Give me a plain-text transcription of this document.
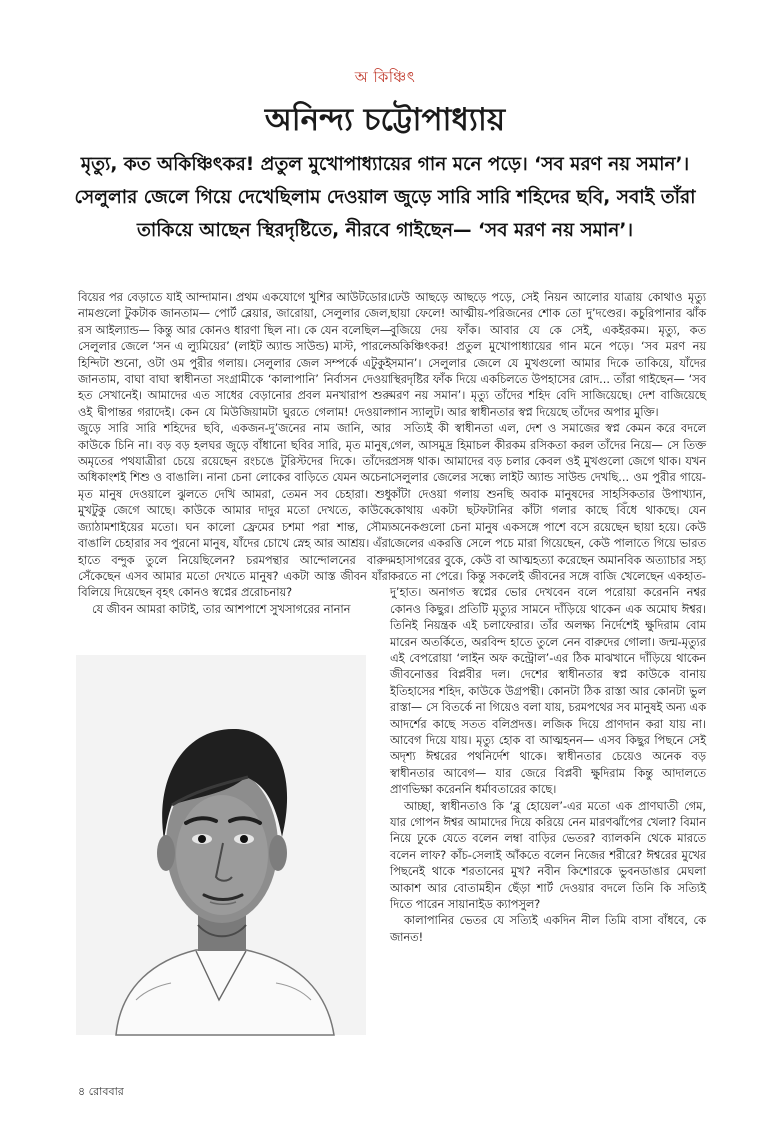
অ কিঞ্চিৎ
অনিন্দ্য চট্টোপাধ্যায়
মৃত্যু, কত অকিঞ্চিৎকর! প্রতুল মুখোপাধ্যায়ের গান মনে পড়ে। ‘সব মরণ নয় সমান’। সেলুলার জেলে গিয়ে দেখেছিলাম দেওয়াল জুড়ে সারি সারি শহিদের ছবি, সবাই তাঁরা তাকিয়ে আছেন স্থিরদৃষ্টিতে, নীরবে গাইছেন— ‘সব মরণ নয় সমান’।

বিয়ের পর বেড়াতে যাই আন্দামান। প্রথম একযোগে খুশির আউটডোর। নামগুলো টুকটাক জানতাম— পোর্ট ব্লেয়ার, জারোয়া, সেলুলার জেল, রস আইল্যান্ড— কিন্তু আর কোনও ধারণা ছিল না। কে যেন বলেছিল— সেলুলার জেলে ‘সন এ ল্যুমিয়ের’ (লাইট অ্যান্ড সাউন্ড) মাস্ট, পারলে হিন্দিটা শুনো, ওটা ওম পুরীর গলায়। সেলুলার জেল সম্পর্কে এটুকুই জানতাম, বাঘা বাঘা স্বাধীনতা সংগ্রামীকে ‘কালাপানি’ নির্বাসন দেওয়া হত সেখানেই। আমাদের এত সাধের বেড়ানোর প্রবল মনখারাপ শুরু ওই দ্বীপান্তর গরাদেই। কেন যে মিউজিয়ামটা ঘুরতে গেলাম! দেওয়াল জুড়ে সারি সারি শহিদের ছবি, একজন-দু’জনের নাম জানি, আর কাউকে চিনি না। বড় বড় হলঘর জুড়ে বাঁধানো ছবির সারি, মৃত মানুষ, অমৃতের পথযাত্রীরা চেয়ে রয়েছেন রংচঙে টুরিস্টদের দিকে। তাঁদের অধিকাংশই শিশু ও বাঙালি। নানা চেনা লোকের বাড়িতে যেমন অচেনা মৃত মানুষ দেওয়ালে ঝুলতে দেখি আমরা, তেমন সব চেহারা। শুধু মুখটুকু জেগে আছে। কাউকে আমার দাদুর মতো দেখতে, কাউকে জ্যাঠামশাইয়ের মতো। ঘন কালো ফ্রেমের চশমা পরা শান্ত, সৌম্য বাঙালি চেহারার সব পুরনো মানুষ, যাঁদের চোখে স্নেহ আর আশ্রয়। এঁরা হাতে বন্দুক তুলে নিয়েছিলেন? চরমপন্থার আন্দোলনের বারুদ সেঁকেছেন এসব আমার মতো দেখতে মানুষ? একটা আস্ত জীবন যাঁরা বিলিয়ে দিয়েছেন বৃহৎ কোনও স্বপ্নের প্ররোচনায়?

যে জীবন আমরা কাটাই, তার আশপাশে সুখসাগরের নানান

ঢেউ আছড়ে আছড়ে পড়ে, সেই নিয়ন আলোর যাত্রায় কোথাও মৃত্যু ছায়া ফেলে! আত্মীয়-পরিজনের শোক তো দু’দণ্ডের। কচুরিপানার ঝাঁক বুজিয়ে দেয় ফাঁক। আবার যে কে সেই, একইরকম। মৃত্যু, কত অকিঞ্চিৎকর! প্রতুল মুখোপাধ্যায়ের গান মনে পড়ে। ‘সব মরণ নয় সমান’। সেলুলার জেলে যে মুখগুলো আমার দিকে তাকিয়ে, যাঁদের স্থিরদৃষ্টির ফাঁক দিয়ে একচিলতে উপহাসের রোদ... তাঁরা গাইছেন— ‘সব মরণ নয় সমান’। মৃত্যু তাঁদের শহিদ বেদি সাজিয়েছে। দেশ বাজিয়েছে গান স্যালুট। আর স্বাধীনতার স্বপ্ন দিয়েছে তাঁদের অপার মুক্তি।

সত্যিই কী স্বাধীনতা এল, দেশ ও সমাজের স্বপ্ন কেমন করে বদলে গেল, আসমুদ্র হিমাচল কীরকম রসিকতা করল তাঁদের নিয়ে— সে তিক্ত প্রসঙ্গ থাক। আমাদের বড় চলার কেবল ওই মুখগুলো জেগে থাক। যখন সেলুলার জেলের সন্ধ্যে লাইট অ্যান্ড সাউন্ড দেখছি... ওম পুরীর গায়ে-কাঁটা দেওয়া গলায় শুনছি অবাক মানুষদের সাহসিকতার উপাখ্যান, কোথায় একটা ছটফটানির কাঁটা গলার কাছে বিঁধে থাকছে। যেন অনেকগুলো চেনা মানুষ একসঙ্গে পাশে বসে রয়েছেন ছায়া হয়ে। কেউ জেলের একরত্তি সেলে পচে মারা গিয়েছেন, কেউ পালাতে গিয়ে ভারত মহাসাগরের বুকে, কেউ বা আত্মহত্যা করেছেন অমানবিক অত্যাচার সহ্য করতে না পেরে। কিন্তু সকলেই জীবনের সঙ্গে বাজি খেলেছেন একহাত-দু’হাত। অনাগত স্বপ্নের ভোর দেখবেন বলে পরোয়া করেননি নশ্বর কোনও কিছুর। প্রতিটি মৃত্যুর সামনে দাঁড়িয়ে থাকেন এক অমোঘ ঈশ্বর। তিনিই নিয়ন্ত্রক এই চলাফেরার। তাঁর অলক্ষ্য নির্দেশেই ক্ষুদিরাম বোম মারেন অতর্কিতে, অরবিন্দ হাতে তুলে নেন বারুদের গোলা। জন্ম-মৃত্যুর এই বেপরোয়া ‘লাইন অফ কন্ট্রোল’-এর ঠিক মাঝখানে দাঁড়িয়ে থাকেন জীবনোত্তর বিপ্লবীর দল। দেশের স্বাধীনতার স্বপ্ন কাউকে বানায় ইতিহাসের শহিদ, কাউকে উগ্রপন্থী। কোনটা ঠিক রাস্তা আর কোনটা ভুল রাস্তা— সে বিতর্কে না গিয়েও বলা যায়, চরমপথের সব মানুষই অন্য এক আদর্শের কাছে সতত বলিপ্রদত্ত। লজিক দিয়ে প্রাণদান করা যায় না। আবেগ দিয়ে যায়। মৃত্যু হোক বা আত্মহনন— এসব কিছুর পিছনে সেই অদৃশ্য ঈশ্বরের পথনির্দেশ থাকে। স্বাধীনতার চেয়েও অনেক বড় স্বাধীনতার আবেগ— যার জেরে বিপ্লবী ক্ষুদিরাম কিন্তু আদালতে প্রাণভিক্ষা করেননি ধর্মাবতারের কাছে।

আচ্ছা, স্বাধীনতাও কি ‘ব্লু হোয়েল’-এর মতো এক প্রাণঘাতী গেম, যার গোপন ঈশ্বর আমাদের দিয়ে করিয়ে নেন মারণঝাঁপের খেলা? বিমান নিয়ে ঢুকে যেতে বলেন লম্বা বাড়ির ভেতর? ব্যালকনি থেকে মারতে বলেন লাফ? কাঁচ-সেলাই আঁকতে বলেন নিজের শরীরে? ঈশ্বরের মুখের পিছনেই থাকে শরতানের মুখ? নবীন কিশোরকে ভুবনডাঙার মেঘলা আকাশ আর বোতামহীন ছেঁড়া শার্ট দেওয়ার বদলে তিনি কি সত্যিই দিতে পারেন সায়ানাইড ক্যাপসুল?

কালাপানির ভেতর যে সত্যিই একদিন নীল তিমি বাসা বাঁধবে, কে জানত!

৪ রোববার
